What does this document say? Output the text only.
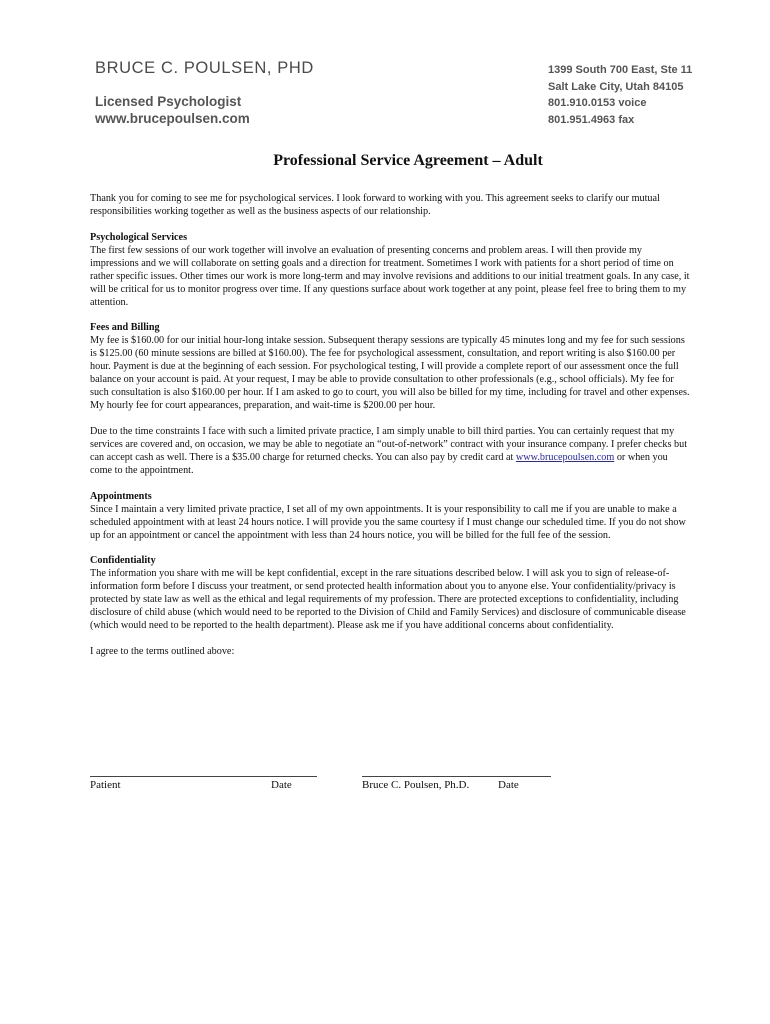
BRUCE C. POULSEN, PHD
Licensed Psychologist
www.brucepoulsen.com
1399 South 700 East, Ste 11
Salt Lake City, Utah 84105
801.910.0153 voice
801.951.4963 fax
Professional Service Agreement – Adult

Thank you for coming to see me for psychological services. I look forward to working with you. This agreement seeks to clarify our mutual responsibilities working together as well as the business aspects of our relationship.

Psychological Services
The first few sessions of our work together will involve an evaluation of presenting concerns and problem areas. I will then provide my impressions and we will collaborate on setting goals and a direction for treatment. Sometimes I work with patients for a short period of time on rather specific issues. Other times our work is more long-term and may involve revisions and additions to our initial treatment goals. In any case, it will be critical for us to monitor progress over time. If any questions surface about work together at any point, please feel free to bring them to my attention.

Fees and Billing
My fee is $160.00 for our initial hour-long intake session. Subsequent therapy sessions are typically 45 minutes long and my fee for such sessions is $125.00 (60 minute sessions are billed at $160.00). The fee for psychological assessment, consultation, and report writing is also $160.00 per hour. Payment is due at the beginning of each session. For psychological testing, I will provide a complete report of our assessment once the full balance on your account is paid. At your request, I may be able to provide consultation to other professionals (e.g., school officials). My fee for such consultation is also $160.00 per hour. If I am asked to go to court, you will also be billed for my time, including for travel and other expenses. My hourly fee for court appearances, preparation, and wait-time is $200.00 per hour.

Due to the time constraints I face with such a limited private practice, I am simply unable to bill third parties. You can certainly request that my services are covered and, on occasion, we may be able to negotiate an “out-of-network” contract with your insurance company. I prefer checks but can accept cash as well. There is a $35.00 charge for returned checks. You can also pay by credit card at www.brucepoulsen.com or when you come to the appointment.

Appointments
Since I maintain a very limited private practice, I set all of my own appointments. It is your responsibility to call me if you are unable to make a scheduled appointment with at least 24 hours notice. I will provide you the same courtesy if I must change our scheduled time. If you do not show up for an appointment or cancel the appointment with less than 24 hours notice, you will be billed for the full fee of the session.

Confidentiality
The information you share with me will be kept confidential, except in the rare situations described below. I will ask you to sign of release-of-information form before I discuss your treatment, or send protected health information about you to anyone else. Your confidentiality/privacy is protected by state law as well as the ethical and legal requirements of my profession. There are protected exceptions to confidentiality, including disclosure of child abuse (which would need to be reported to the Division of Child and Family Services) and disclosure of communicable disease (which would need to be reported to the health department). Please ask me if you have additional concerns about confidentiality.

I agree to the terms outlined above:

Patient	Date	Bruce C. Poulsen, Ph.D.	Date
